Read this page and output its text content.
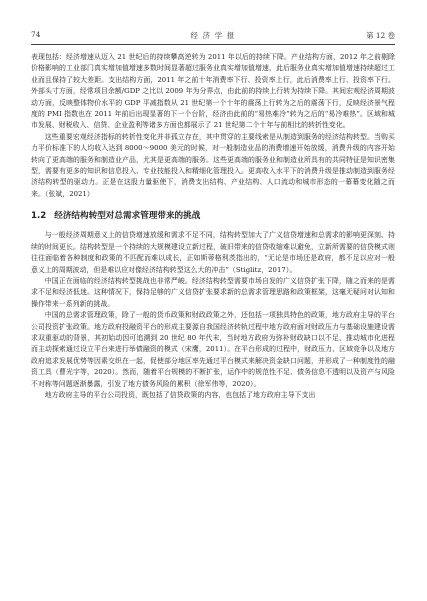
74	经 济 学 报	第 12 卷

表现包括：经济增速从迈入 21 世纪后的持续攀高逆转为 2011 年以后的持续下降。产业结构方面，2012 年之前剔除价格影响的工业部门真实增加值增速多数时间显著超过服务业真实增加值增速，此后服务业真实增加值增速持续超过工业而且保持了较大差距。支出结构方面，2011 年之前十年消费率下行、投资率上行，此后消费率上行、投资率下行。外部头寸方面，经常项目余额/GDP 之比以 2009 年为分界点，由此前的持续上行转为持续下降。其间宏观经济周期波动方面，反映整体物价水平的 GDP 平减指数从 21 世纪第一个十年的震荡上行转为之后的震荡下行，反映经济景气程度的 PMI 指数也在 2011 年前后出现显著的下一个台阶，经济由此前的“易热难冷”转为之后的“易冷难热”。区域和城市发展、财税收入、信贷、企业盈利等诸多方面也都展示了 21 世纪第二个十年与前相比的转折性变化。

这些重要宏观经济指标的转折性变化并非孤立存在，其中贯穿的主要线索是从制造到服务的经济结构转型。当购买力平价标准下的人均收入达到 8000～9000 美元的时候，对一般制造业品的消费增速开始放缓，消费升级的内容开始转向了更高端的服务和制造业产品，尤其是更高端的服务。这些更高端的服务业和制造业所具有的共同特征是知识密集型，需要有更多的知识和信息投入、专业技能投入和精细化管理投入。更高收入水平下的消费升级是推动制造到服务经济结构转型的驱动力。正是在这股力量驱使下，消费支出结构、产业结构、人口流动和城市形态的一幕幕变化随之而来。（张斌，2021）

1.2 经济结构转型对总需求管理带来的挑战

与一般经济周期意义上的信贷增速放缓和需求不足不同，结构转型加大了广义信贷增速和总需求的影响更深刻、持续的时间更长。结构转型是一个持续的大规模建设立新过程，破旧带来的信贷收缩难以避免，立新所需要的信贷模式则往往面临着各种制度和政策的不匹配而难以成长，正如斯蒂格利茨指出的，“无论是市场还是政府，都不足以应对一般意义上的周期波动，但是难以应对像经济结构转型这么大的冲击”（Stiglitz，2017）。

中国正在面临的经济结构转型挑战也非常严峻。经济结构转型需要市场自发的广义信贷扩张下降，随之而来的是需求不足和经济低迷。这种情况下，保持足够的广义信贷扩张要求新的总需求管理思路和政策框架，这毫无疑问对认知和操作带来一系列新的挑战。

中国的总需求管理政策，除了一般的货币政策和财政政策之外，还包括一项独具特色的政策，地方政府主导的平台公司投资扩张政策。地方政府投融资平台的形成主要源自我国经济转轨过程中地方政府面对财政压力与基础设施建设需求双重驱动的背景，其初始动因可追溯到 20 世纪 80 年代末，当时地方政府为弥补财政缺口以不足、推动城市化进程而主动探索通过设立平台来进行举债融资的模式（宋鹰，2011）。在平台形成的过程中，财政压力、区域竞争以及地方政府追求发展优势等因素交织在一起，促使部分地区率先通过平台模式来解决资金缺口问题，并形成了一种制度性的融资工具（曹光宇等，2020）。然而，随着平台规模的不断扩张，运作中的规范性不足、债务信息不透明以及资产与风险不对称等问题逐渐暴露，引发了地方债务风险的累积（徐军伟等，2020）。

地方政府主导的平台公司投资，既包括了信贷政策的内容，也包括了地方政府主导下支出
